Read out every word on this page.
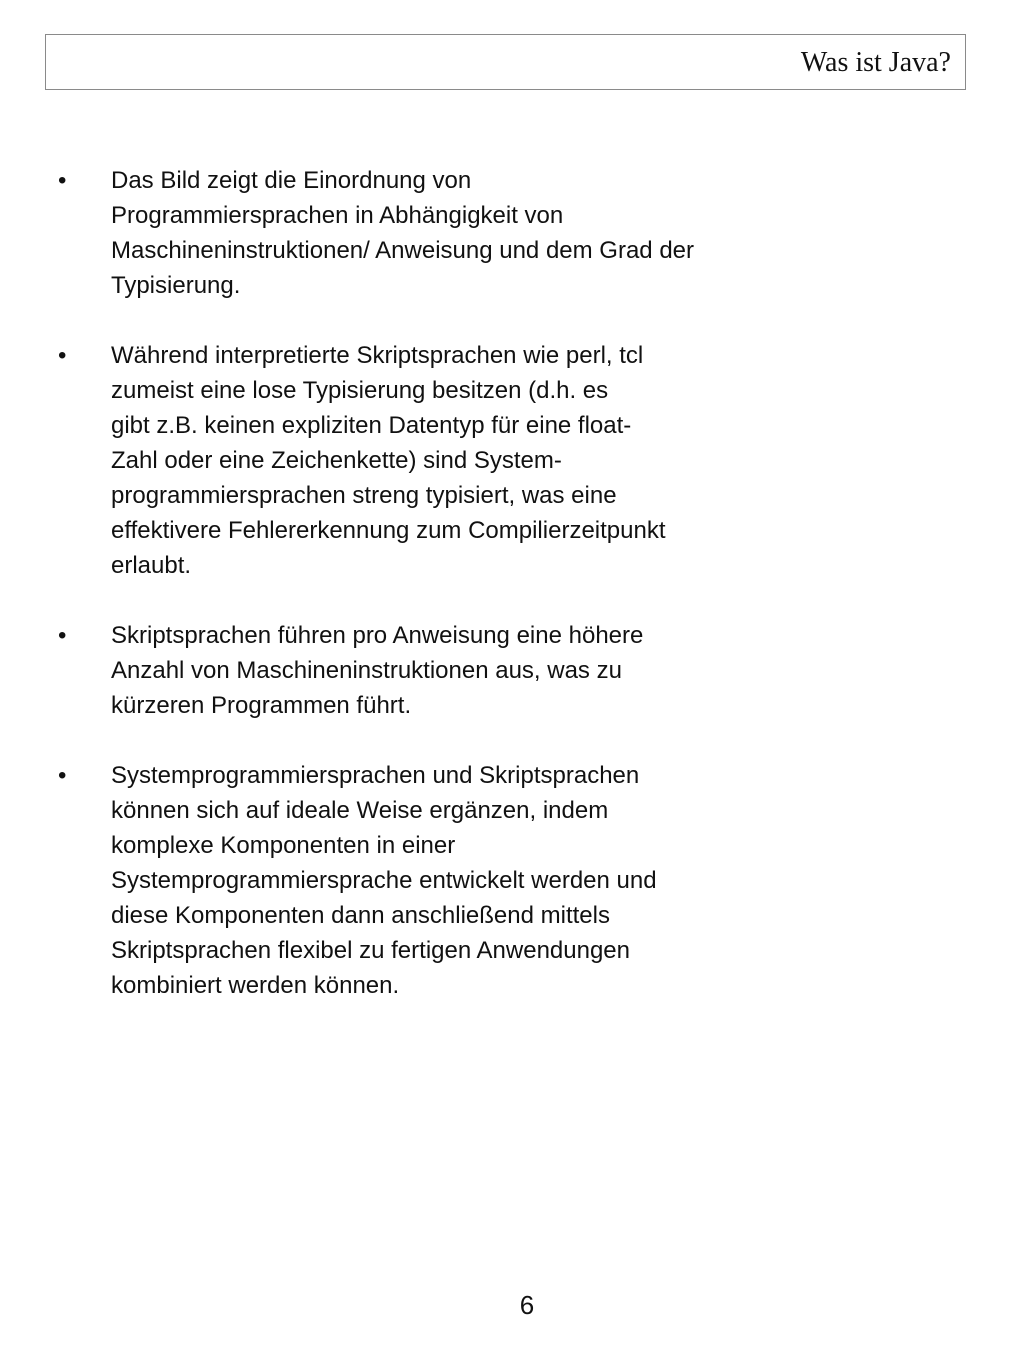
Was ist Java?
•	Das Bild zeigt die Einordnung von
Programmiersprachen in Abhängigkeit von
Maschineninstruktionen/ Anweisung und dem Grad der
Typisierung.
•	Während interpretierte Skriptsprachen wie perl, tcl
zumeist eine lose Typisierung besitzen (d.h. es
gibt z.B. keinen expliziten Datentyp für eine float-
Zahl oder eine Zeichenkette) sind System-
programmiersprachen streng typisiert, was eine
effektivere Fehlererkennung zum Compilierzeitpunkt
erlaubt.
•	Skriptsprachen führen pro Anweisung eine höhere
Anzahl von Maschineninstruktionen aus, was zu
kürzeren Programmen führt.
•	Systemprogrammiersprachen und Skriptsprachen
können sich auf ideale Weise ergänzen, indem
komplexe Komponenten in einer
Systemprogrammiersprache entwickelt werden und
diese Komponenten dann anschließend mittels
Skriptsprachen flexibel zu fertigen Anwendungen
kombiniert werden können.
6
